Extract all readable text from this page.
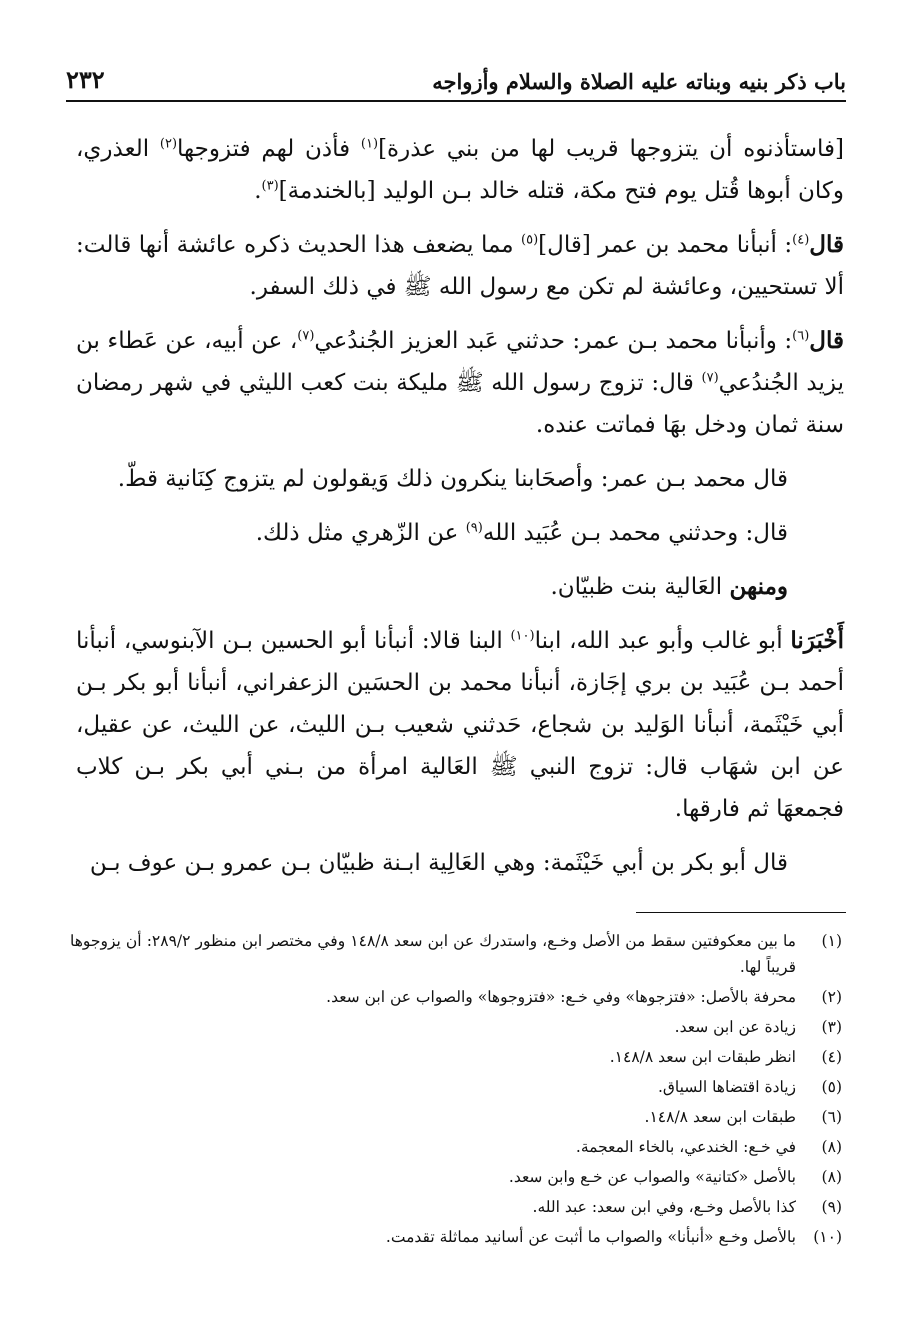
باب ذكر بنيه وبناته عليه الصلاة والسلام وأزواجه
٢٣٢

[فاستأذنوه أن يتزوجها قريب لها من بني عذرة]$^{(١)}$ فأذن لهم فتزوجها$^{(٢)}$ العذري، وكان أبوها قُتل يوم فتح مكة، قتله خالد بـن الوليد [بالخندمة]$^{(٣)}$.

قال$^{(٤)}$: أنبأنا محمد بن عمر [قال]$^{(٥)}$ مما يضعف هذا الحديث ذكره عائشة أنها قالت: ألا تستحيين، وعائشة لم تكن مع رسول الله ﷺ في ذلك السفر.

قال$^{(٦)}$: وأنبأنا محمد بـن عمر: حدثني عَبد العزيز الجُندُعي$^{(٧)}$، عن أبيه، عن عَطاء بن يزيد الجُندُعي$^{(٧)}$ قال: تزوج رسول الله ﷺ مليكة بنت كعب الليثي في شهر رمضان سنة ثمان ودخل بهَا فماتت عنده.

قال محمد بـن عمر: وأصحَابنا ينكرون ذلك وَيقولون لم يتزوج كِنَانية قطّ.

قال: وحدثني محمد بـن عُبَيد الله$^{(٩)}$ عن الزّهري مثل ذلك.

ومنهن العَالية بنت ظبيّان.

أَخْبَرَنا أبو غالب وأبو عبد الله، ابنا$^{(١٠)}$ البنا قالا: أنبأنا أبو الحسين بـن الآبنوسي، أنبأنا أحمد بـن عُبَيد بن بري إجَازة، أنبأنا محمد بن الحسَين الزعفراني، أنبأنا أبو بكر بـن أبي خَيْثَمة، أنبأنا الوَليد بن شجاع، حَدثني شعيب بـن الليث، عن الليث، عن عقيل، عن ابن شهَاب قال: تزوج النبي ﷺ العَالية امرأة من بـني أبي بكر بـن كلاب فجمعهَا ثم فارقها.

قال أبو بكر بن أبي خَيْثَمة: وهي العَالِية ابـنة ظبيّان بـن عمرو بـن عوف بـن

(١)
ما بين معكوفتين سقط من الأصل وخـع، واستدرك عن ابن سعد ١٤٨/٨ وفي مختصر ابن منظور ٢٨٩/٢: أن يزوجوها قريباً لها.
(٢)
محرفة بالأصل: «فتزجوها» وفي خـع: «فتزوجوها» والصواب عن ابن سعد.
(٣)
زيادة عن ابن سعد.
(٤)
انظر طبقات ابن سعد ١٤٨/٨.
(٥)
زيادة اقتضاها السياق.
(٦)
طبقات ابن سعد ١٤٨/٨.
(٨)
في خـع: الخندعي، بالخاء المعجمة.
(٨)
بالأصل «كتانية» والصواب عن خـع وابن سعد.
(٩)
كذا بالأصل وخـع، وفي ابن سعد: عبد الله.
(١٠)
بالأصل وخـع «أنبأنا» والصواب ما أثبت عن أسانيد مماثلة تقدمت.
